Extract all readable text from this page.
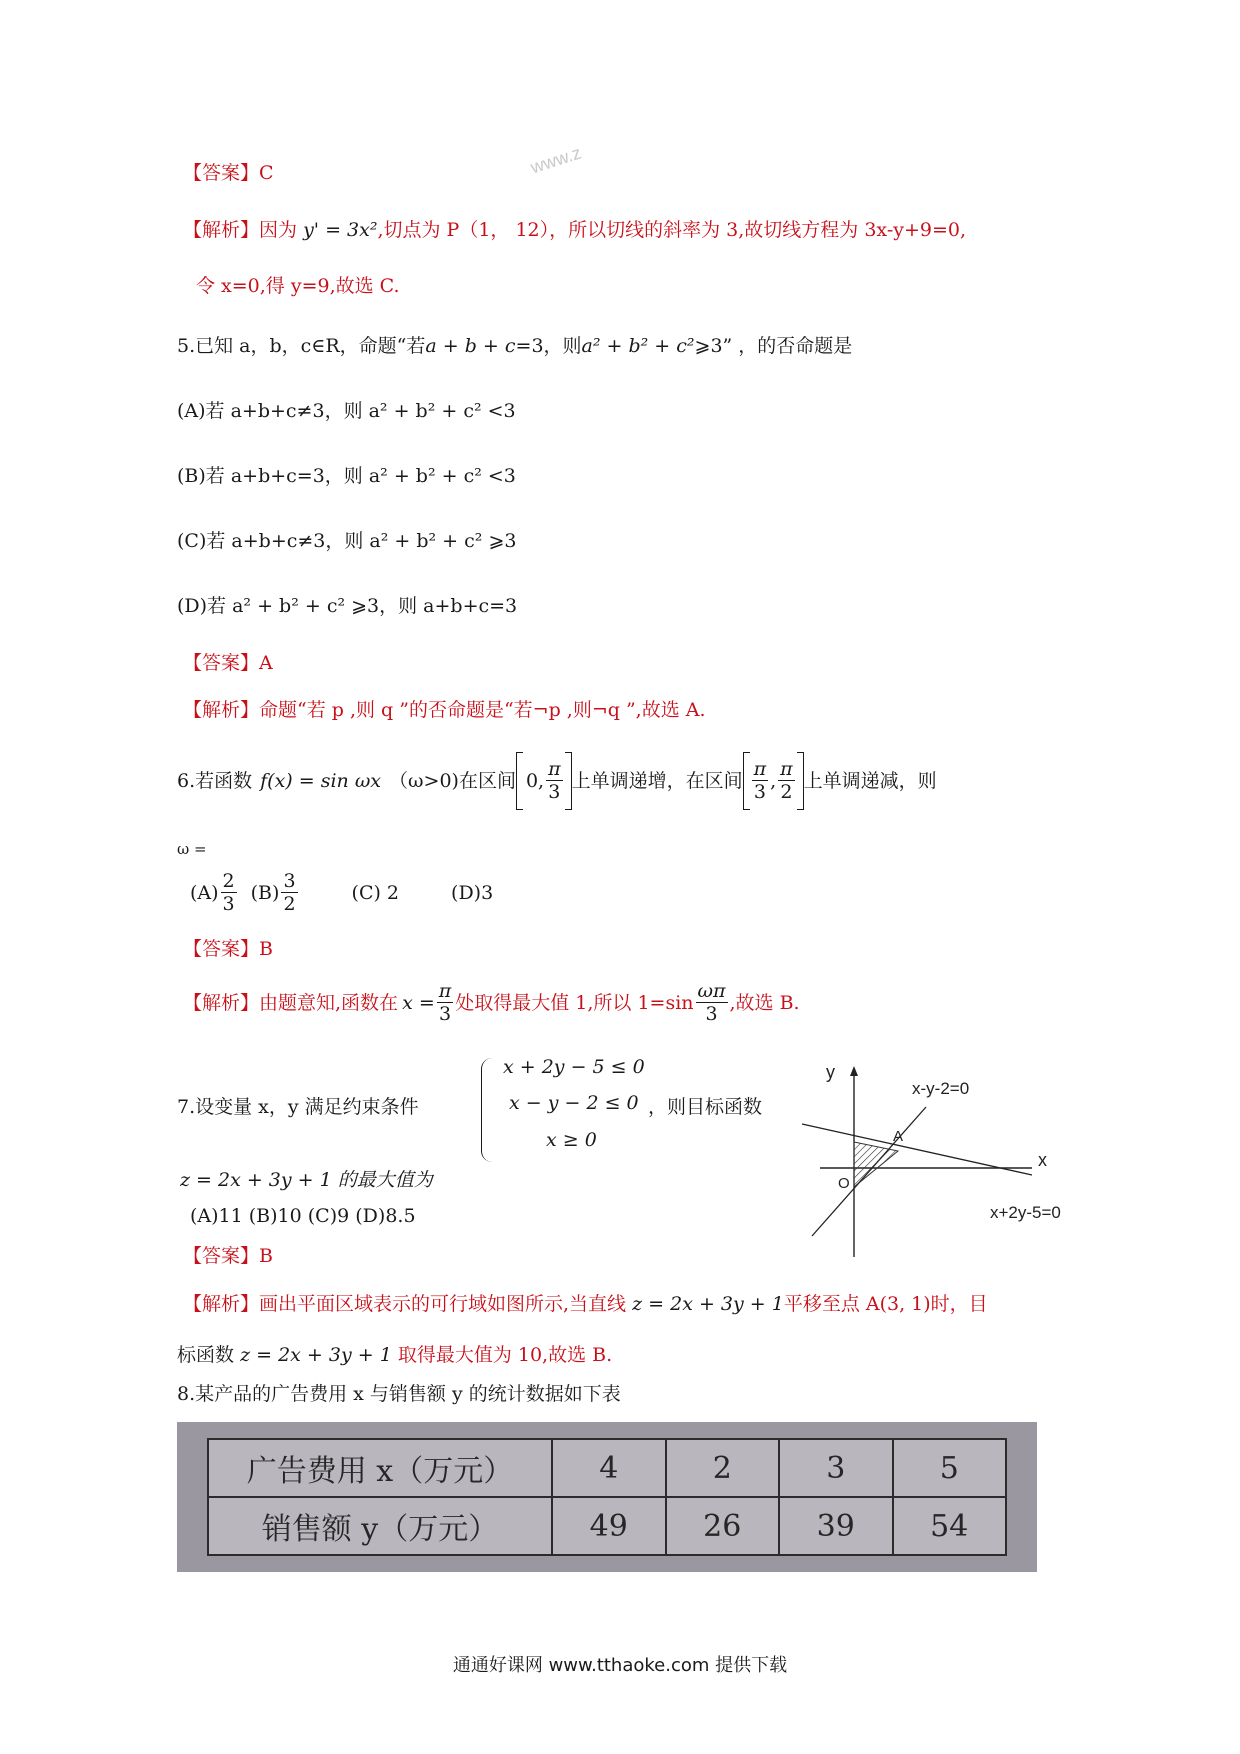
www.z
【答案】C
【解析】因为 y' = 3x²,切点为 P（1， 12），所以切线的斜率为 3,故切线方程为 3x-y+9=0,
令 x=0,得 y=9,故选 C.
5.已知 a，b，c∈R，命题“若a + b + c=3，则a² + b² + c²⩾3” ，的否命题是
(A)若 a+b+c≠3，则 a² + b² + c² <3
(B)若 a+b+c=3，则 a² + b² + c² <3
(C)若 a+b+c≠3，则 a² + b² + c² ⩾3
(D)若 a² + b² + c² ⩾3，则 a+b+c=3
【答案】A
【解析】命题“若 p ,则 q ”的否命题是“若¬p ,则¬q ”,故选 A.
6.若函数 f(x) = sin ωx （ω>0)在区间 0, $\frac{\pi}{3}$ 上单调递增，在区间 $\frac{\pi}{3}$ , $\frac{\pi}{2}$ 上单调递减，则
ω =
$(A) \frac{2}{3} (B) \frac{3}{2}$	(C) 2	(D)3
【答案】B
【解析】 由题意知,函数在 $x = \frac{\pi}{3}$ 处取得最大值 1,所以 $1=\sin \frac{\omega\pi}{3}$ ,故选 B.
7.设变量 x，y 满足约束条件
x + 2y − 5 ≤ 0
x − y − 2 ≤ 0
x ≥ 0
，则目标函数
z = 2x + 3y + 1 的最大值为
(A)11 (B)10 (C)9 (D)8.5
【答案】B
【解析】画出平面区域表示的可行域如图所示,当直线 z = 2x + 3y + 1平移至点 A(3, 1)时，目
标函数 z = 2x + 3y + 1 取得最大值为 10,故选 B.
y
x
x-y-2=0
A
O
x+2y-5=0
8.某产品的广告费用 x 与销售额 y 的统计数据如下表
广告费用 x（万元）	4	2	3	5
销售额 y（万元）	49	26	39	54
通通好课网 www.tthaoke.com 提供下载
